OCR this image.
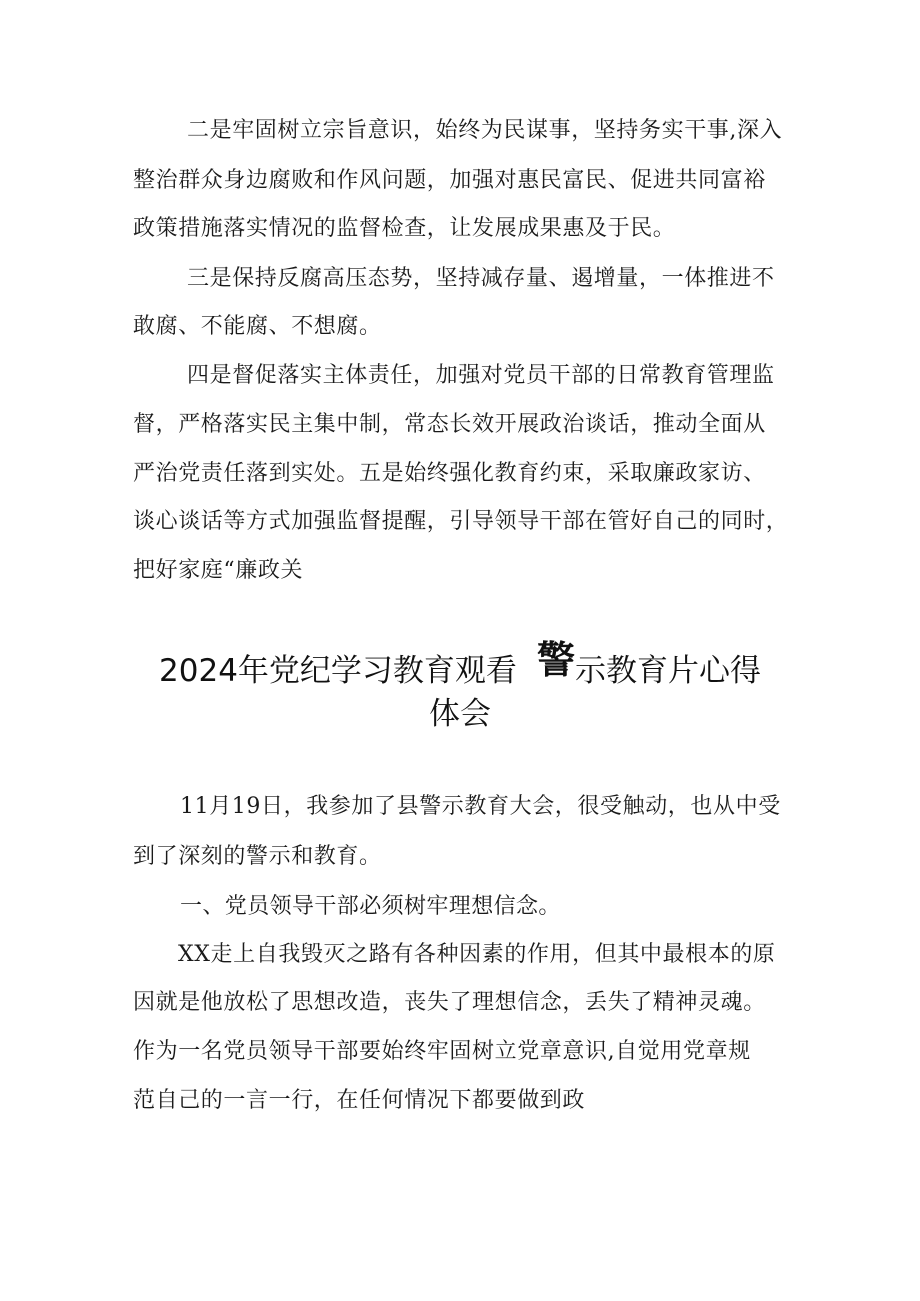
二是牢固树立宗旨意识，始终为民谋事，坚持务实干事,深入
整治群众身边腐败和作风问题，加强对惠民富民、促进共同富裕
政策措施落实情况的监督检查，让发展成果惠及于民。
三是保持反腐高压态势，坚持减存量、遏增量，一体推进不
敢腐、不能腐、不想腐。
四是督促落实主体责任，加强对党员干部的日常教育管理监
督，严格落实民主集中制，常态长效开展政治谈话，推动全面从
严治党责任落到实处。五是始终强化教育约束，采取廉政家访、
谈心谈话等方式加强监督提醒，引导领导干部在管好自己的同时，
把好家庭“廉政关
2024年党纪学习教育观看 警示教育片心得
体会
11月19日，我参加了县警示教育大会，很受触动，也从中受
到了深刻的警示和教育。
一、党员领导干部必须树牢理想信念。
XX走上自我毁灭之路有各种因素的作用，但其中最根本的原
因就是他放松了思想改造，丧失了理想信念，丢失了精神灵魂。
作为一名党员领导干部要始终牢固树立党章意识,自觉用党章规
范自己的一言一行，在任何情况下都要做到政
